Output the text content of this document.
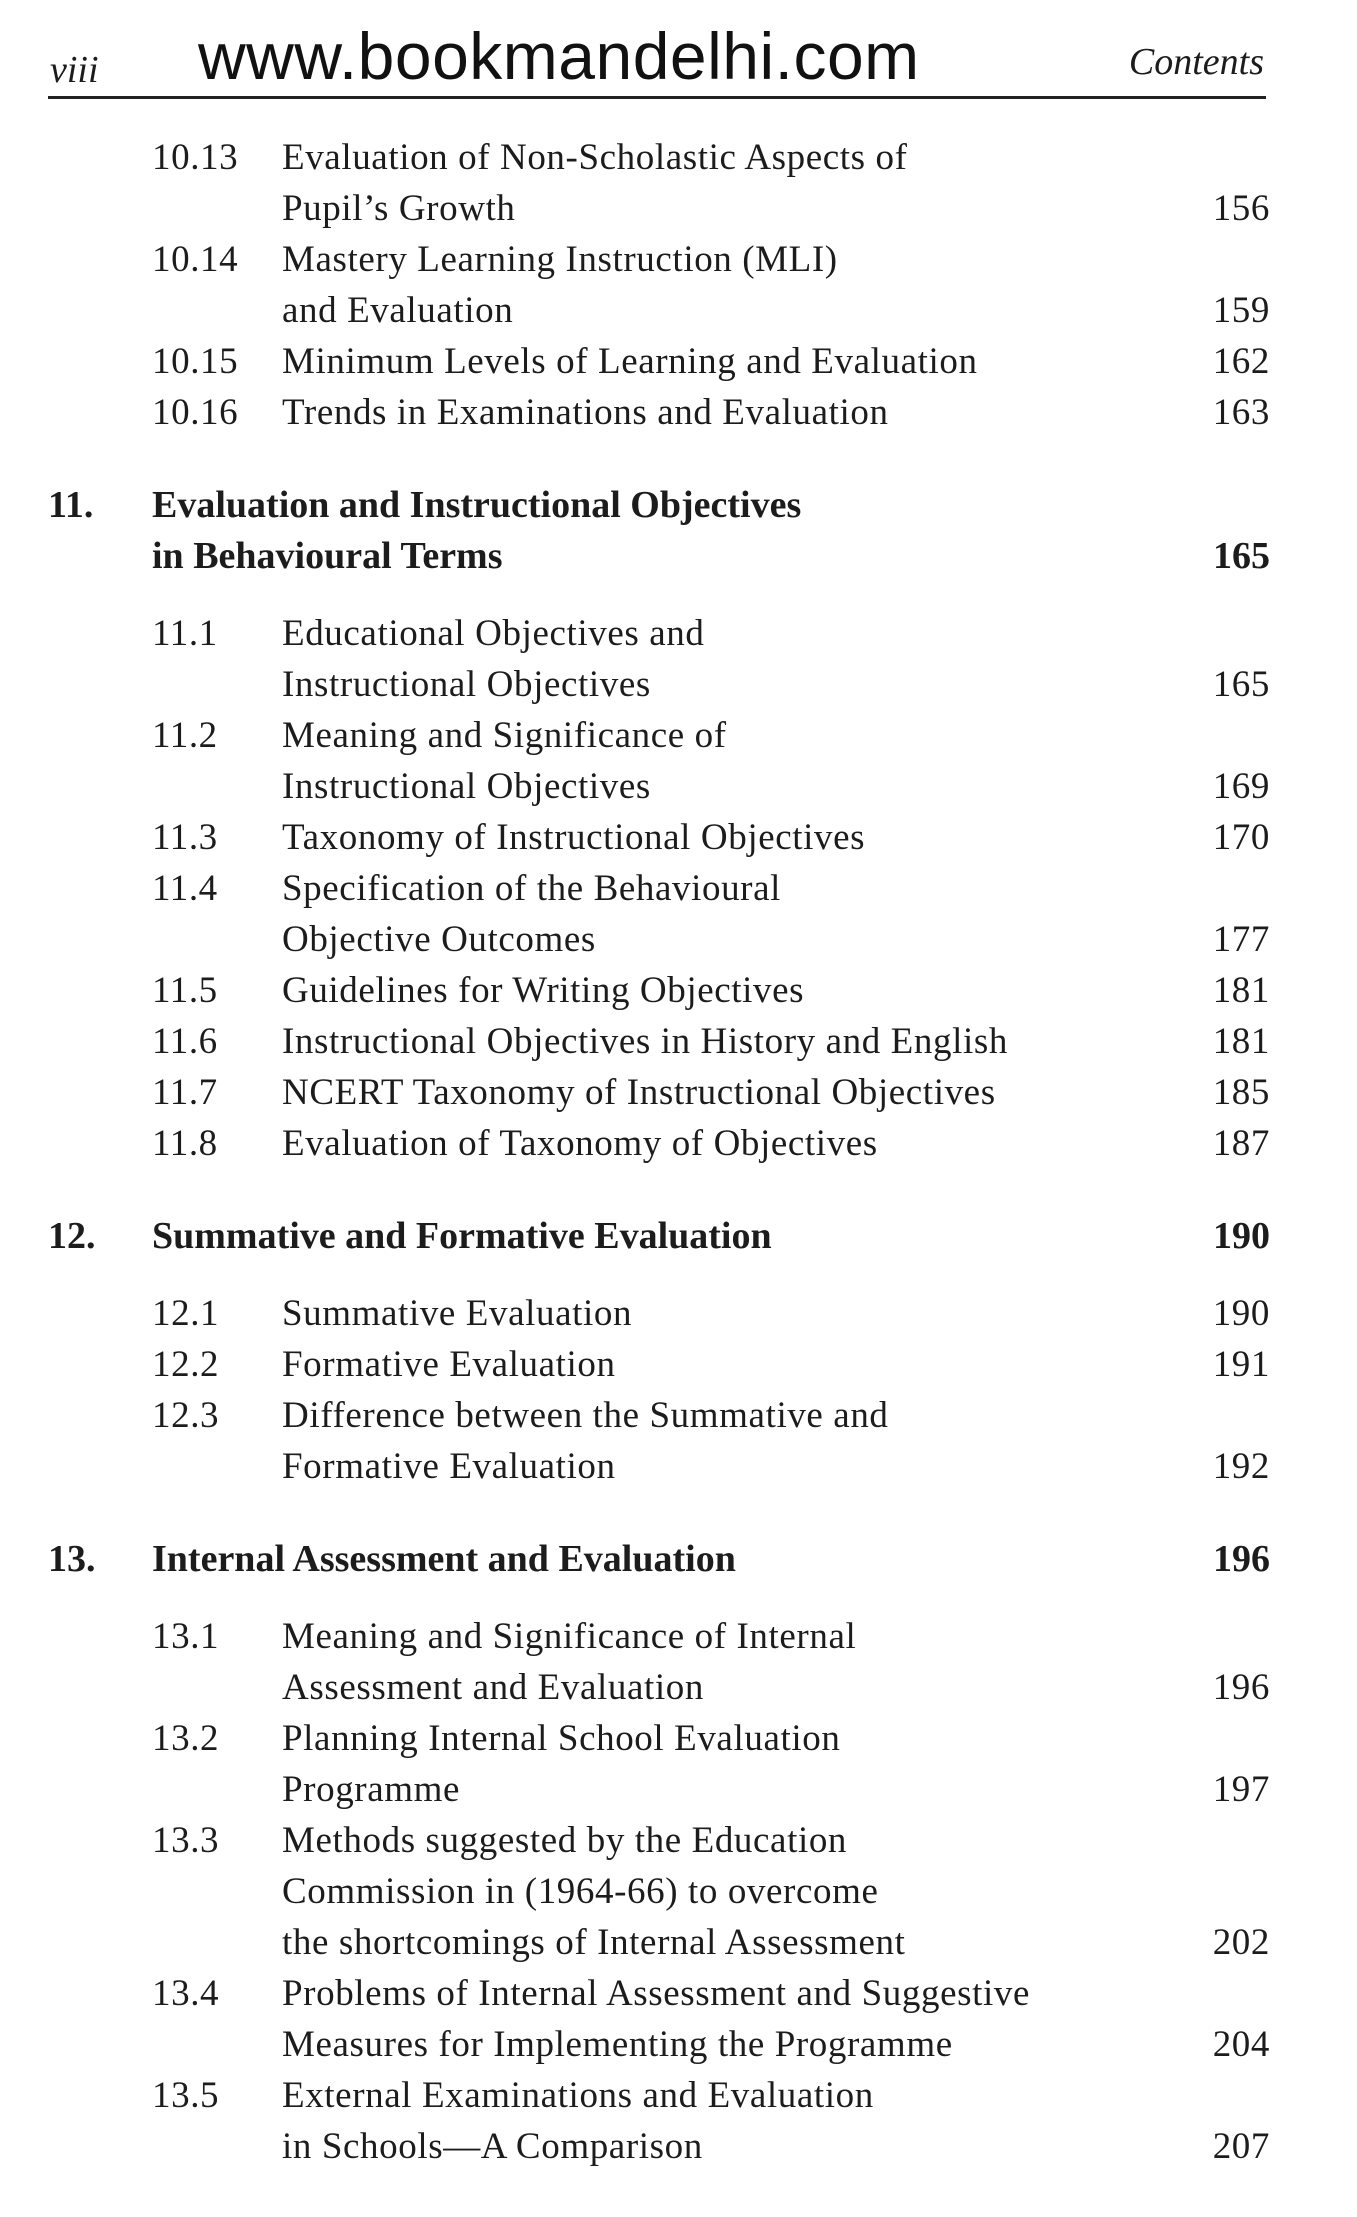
viii www.bookmandelhi.com	Contents
10.13	Evaluation of Non-Scholastic Aspects of
Pupil’s Growth	156
10.14	Mastery Learning Instruction (MLI)
and Evaluation	159
10.15	Minimum Levels of Learning and Evaluation	162
10.16	Trends in Examinations and Evaluation	163
11.	Evaluation and Instructional Objectives
in Behavioural Terms	165
11.1	Educational Objectives and
Instructional Objectives	165
11.2	Meaning and Significance of
Instructional Objectives	169
11.3	Taxonomy of Instructional Objectives	170
11.4	Specification of the Behavioural
Objective Outcomes	177
11.5	Guidelines for Writing Objectives	181
11.6	Instructional Objectives in History and English	181
11.7	NCERT Taxonomy of Instructional Objectives	185
11.8	Evaluation of Taxonomy of Objectives	187
12.	Summative and Formative Evaluation	190
12.1	Summative Evaluation	190
12.2	Formative Evaluation	191
12.3	Difference between the Summative and
Formative Evaluation	192
13.	Internal Assessment and Evaluation	196
13.1	Meaning and Significance of Internal
Assessment and Evaluation	196
13.2	Planning Internal School Evaluation
Programme	197
13.3	Methods suggested by the Education
Commission in (1964-66) to overcome
the shortcomings of Internal Assessment	202
13.4	Problems of Internal Assessment and Suggestive
Measures for Implementing the Programme	204
13.5	External Examinations and Evaluation
in Schools—A Comparison	207
